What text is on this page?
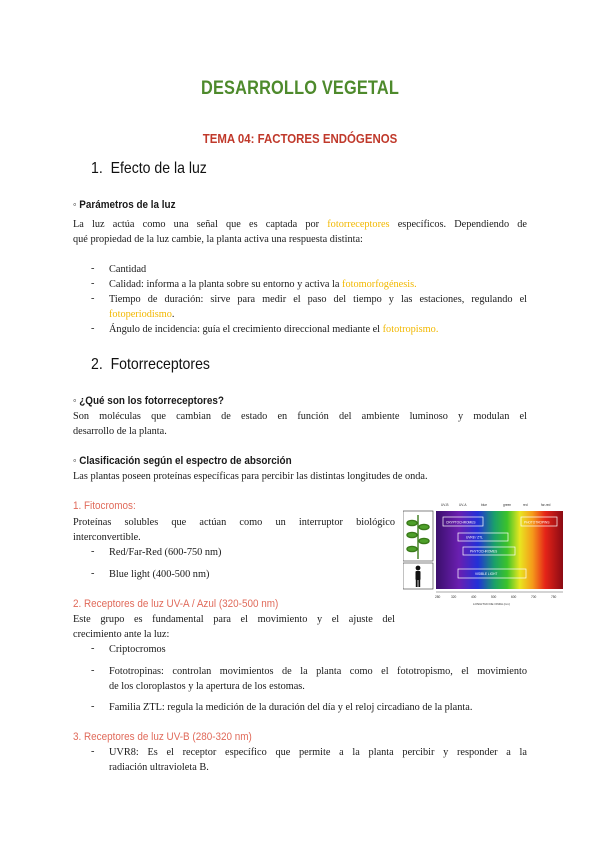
DESARROLLO VEGETAL
TEMA 04: FACTORES ENDÓGENOS
1. Efecto de la luz
◦ Parámetros de la luz
La luz actúa como una señal que es captada por fotorreceptores específicos. Dependiendo de
qué propiedad de la luz cambie, la planta activa una respuesta distinta:
- Cantidad
- Calidad: informa a la planta sobre su entorno y activa la fotomorfogénesis.
- Tiempo de duración: sirve para medir el paso del tiempo y las estaciones, regulando el
fotoperiodismo.
- Ángulo de incidencia: guía el crecimiento direccional mediante el fototropismo.
2. Fotorreceptores
◦ ¿Qué son los fotorreceptores?
Son moléculas que cambian de estado en función del ambiente luminoso y modulan el
desarrollo de la planta.
◦ Clasificación según el espectro de absorción
Las plantas poseen proteínas específicas para percibir las distintas longitudes de onda.
1. Fitocromos:
Proteínas solubles que actúan como un interruptor biológico
interconvertible.
- Red/Far-Red (600-750 nm)
- Blue light (400-500 nm)
UV-B	UV-A	blue	green	red	far-red
CRYPTOCHROMES	PHOTOTROPINS
UVR8 / ZTL
PHYTOCHROMES
VISIBLE LIGHT
280	320	400	500	600	700	750
LONGITUD DE ONDA (nm)
2. Receptores de luz UV-A / Azul (320-500 nm)
Este grupo es fundamental para el movimiento y el ajuste del
crecimiento ante la luz:
- Criptocromos
- Fototropinas: controlan movimientos de la planta como el fototropismo, el movimiento
de los cloroplastos y la apertura de los estomas.
- Familia ZTL: regula la medición de la duración del día y el reloj circadiano de la planta.
3. Receptores de luz UV-B (280-320 nm)
- UVR8: Es el receptor específico que permite a la planta percibir y responder a la
radiación ultravioleta B.
